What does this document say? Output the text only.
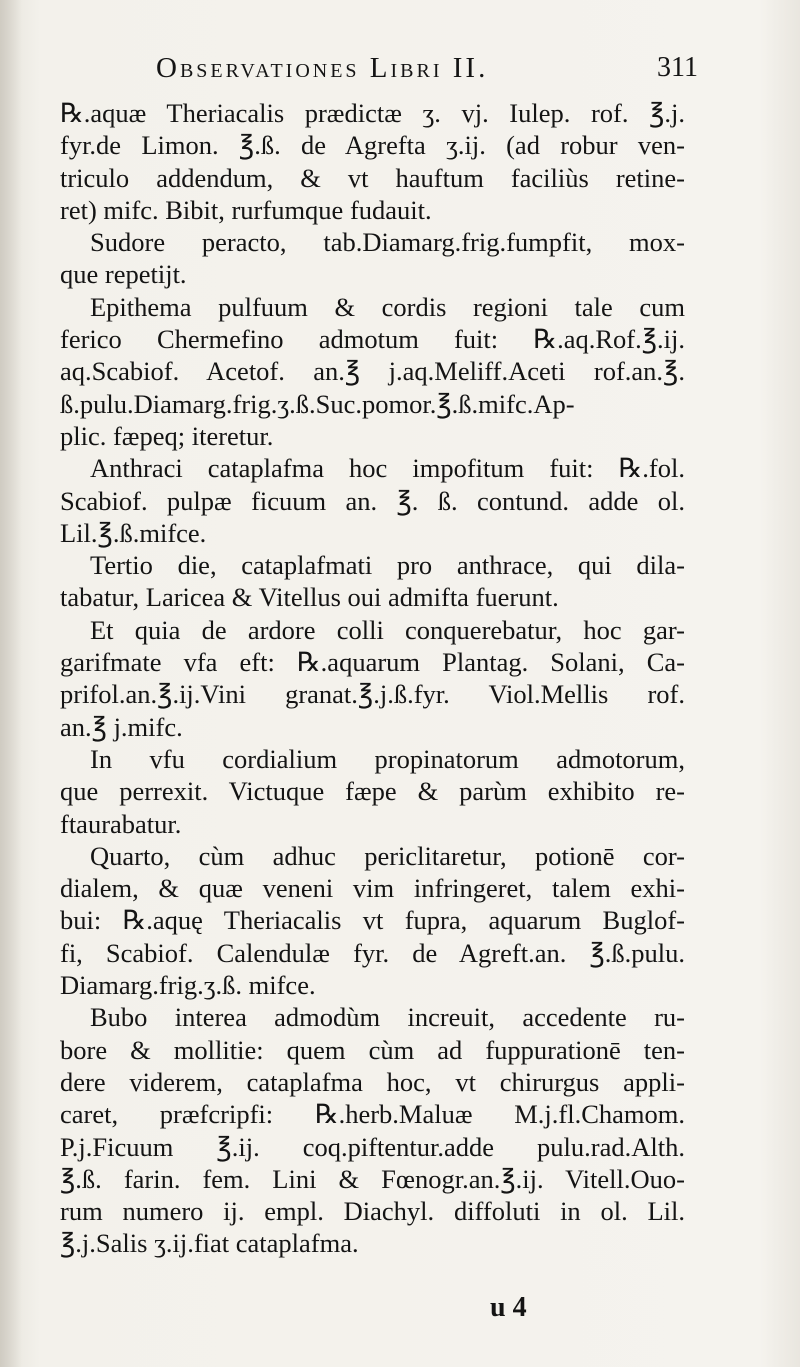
Observationes Libri II.	311
℞.aquæ Theriacalis prædictæ ʒ. vj. Iulep. rof. ℥.j.
fyr.de Limon. ℥.ß. de Agrefta ʒ.ij. (ad robur ven-
triculo addendum, & vt hauftum faciliùs retine-
ret) mifc. Bibit, rurfumque fudauit.
Sudore peracto, tab.Diamarg.frig.fumpfit, mox-
que repetijt.
Epithema pulfuum & cordis regioni tale cum
ferico Chermefino admotum fuit: ℞.aq.Rof.℥.ij.
aq.Scabiof. Acetof. an.℥ j.aq.Meliff.Aceti rof.an.℥.
ß.pulu.Diamarg.frig.ʒ.ß.Suc.pomor.℥.ß.mifc.Ap-
plic. fæpeq; iteretur.
Anthraci cataplafma hoc impofitum fuit: ℞.fol.
Scabiof. pulpæ ficuum an. ℥. ß. contund. adde ol.
Lil.℥.ß.mifce.
Tertio die, cataplafmati pro anthrace, qui dila-
tabatur, Laricea & Vitellus oui admifta fuerunt.
Et quia de ardore colli conquerebatur, hoc gar-
garifmate vfa eft: ℞.aquarum Plantag. Solani, Ca-
prifol.an.℥.ij.Vini granat.℥.j.ß.fyr. Viol.Mellis rof.
an.℥ j.mifc.
In vfu cordialium propinatorum admotorum,
que perrexit. Victuque fæpe & parùm exhibito re-
ftaurabatur.
Quarto, cùm adhuc periclitaretur, potionē cor-
dialem, & quæ veneni vim infringeret, talem exhi-
bui: ℞.aquę Theriacalis vt fupra, aquarum Buglof-
fi, Scabiof. Calendulæ fyr. de Agreft.an. ℥.ß.pulu.
Diamarg.frig.ʒ.ß. mifce.
Bubo interea admodùm increuit, accedente ru-
bore & mollitie: quem cùm ad fuppurationē ten-
dere viderem, cataplafma hoc, vt chirurgus appli-
caret, præfcripfi: ℞.herb.Maluæ M.j.fl.Chamom.
P.j.Ficuum ℥.ij. coq.piftentur.adde pulu.rad.Alth.
℥.ß. farin. fem. Lini & Fœnogr.an.℥.ij. Vitell.Ouo-
rum numero ij. empl. Diachyl. diffoluti in ol. Lil.
℥.j.Salis ʒ.ij.fiat cataplafma.
u 4
